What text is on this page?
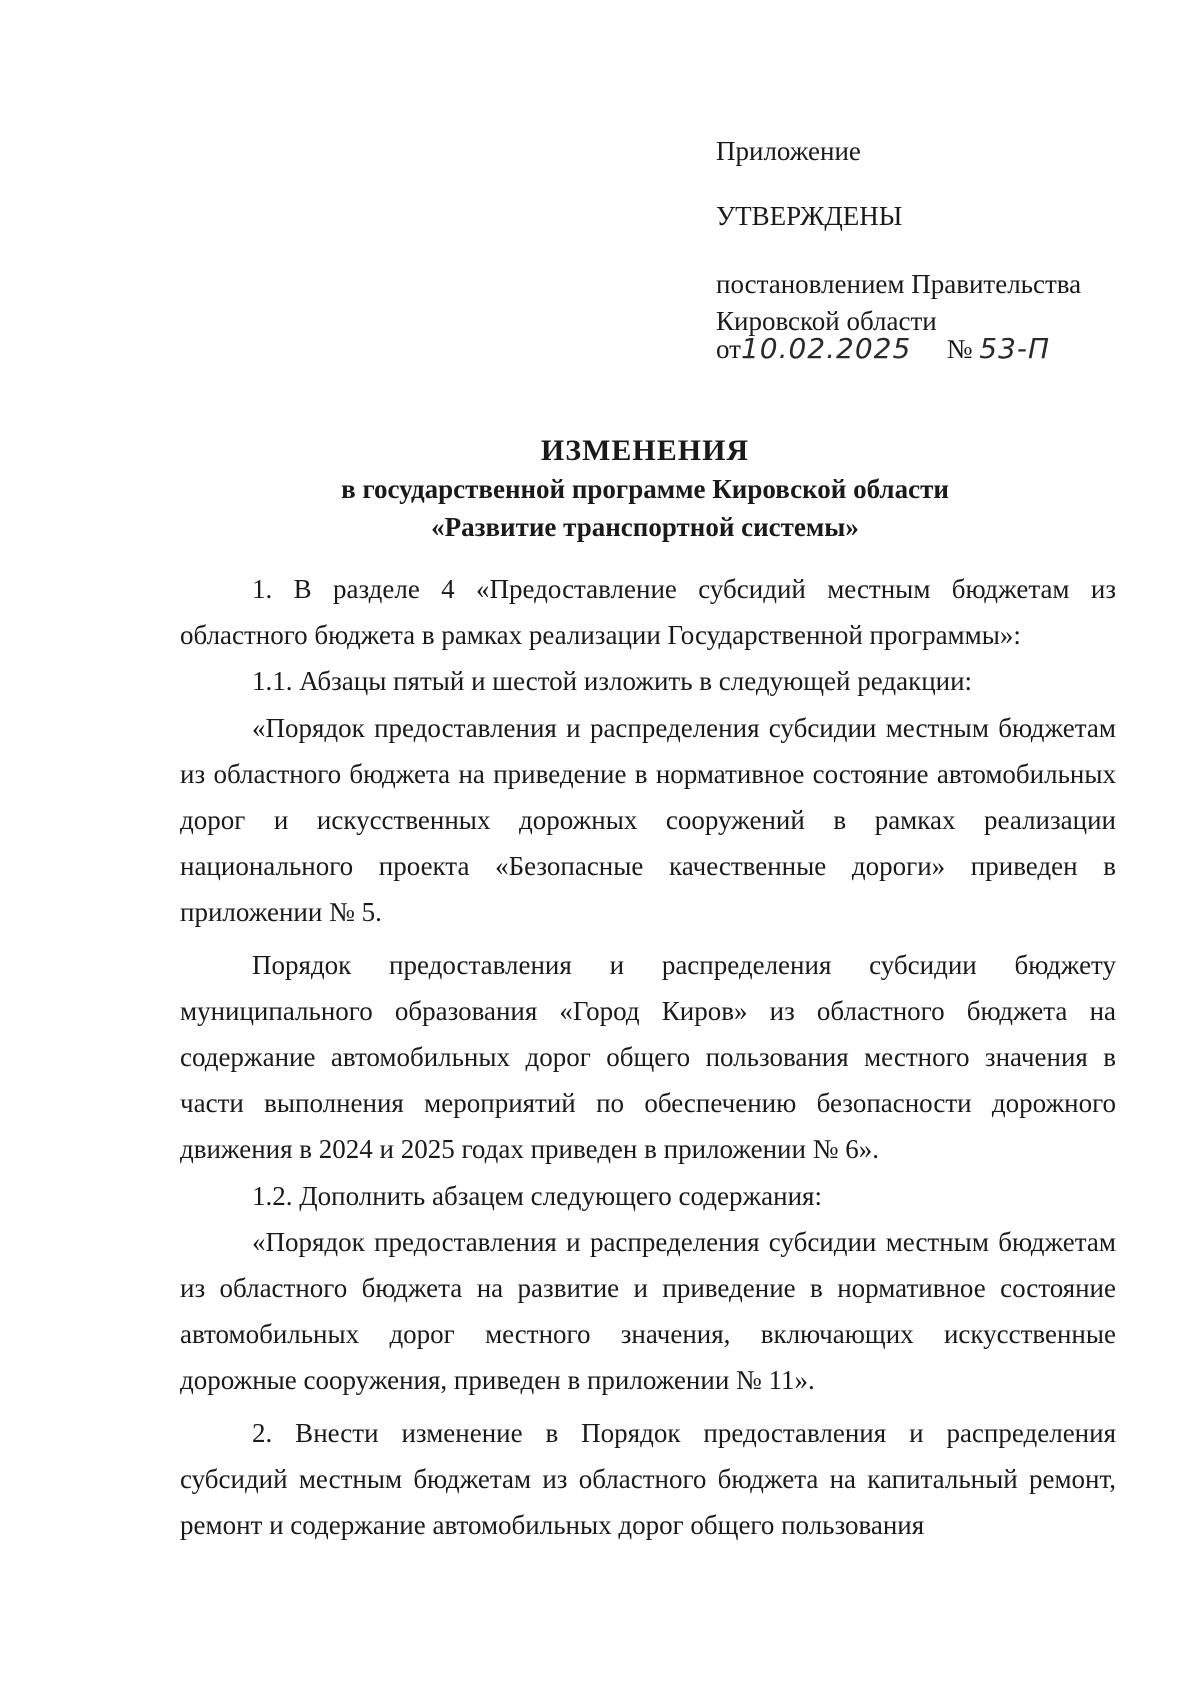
Приложение
УТВЕРЖДЕНЫ
постановлением Правительства
Кировской области
от10.02.2025 № 53-П
ИЗМЕНЕНИЯ
в государственной программе Кировской области
«Развитие транспортной системы»

1. В разделе 4 «Предоставление субсидий местным бюджетам из областного бюджета в рамках реализации Государственной программы»:

1.1. Абзацы пятый и шестой изложить в следующей редакции:

«Порядок предоставления и распределения субсидии местным бюджетам из областного бюджета на приведение в нормативное состояние автомобильных дорог и искусственных дорожных сооружений в рамках реализации национального проекта «Безопасные качественные дороги» приведен в приложении № 5.

Порядок предоставления и распределения субсидии бюджету муниципального образования «Город Киров» из областного бюджета на содержание автомобильных дорог общего пользования местного значения в части выполнения мероприятий по обеспечению безопасности дорожного движения в 2024 и 2025 годах приведен в приложении № 6».

1.2. Дополнить абзацем следующего содержания:

«Порядок предоставления и распределения субсидии местным бюджетам из областного бюджета на развитие и приведение в нормативное состояние автомобильных дорог местного значения, включающих искусственные дорожные сооружения, приведен в приложении № 11».

2. Внести изменение в Порядок предоставления и распределения субсидий местным бюджетам из областного бюджета на капитальный ремонт, ремонт и содержание автомобильных дорог общего пользования
